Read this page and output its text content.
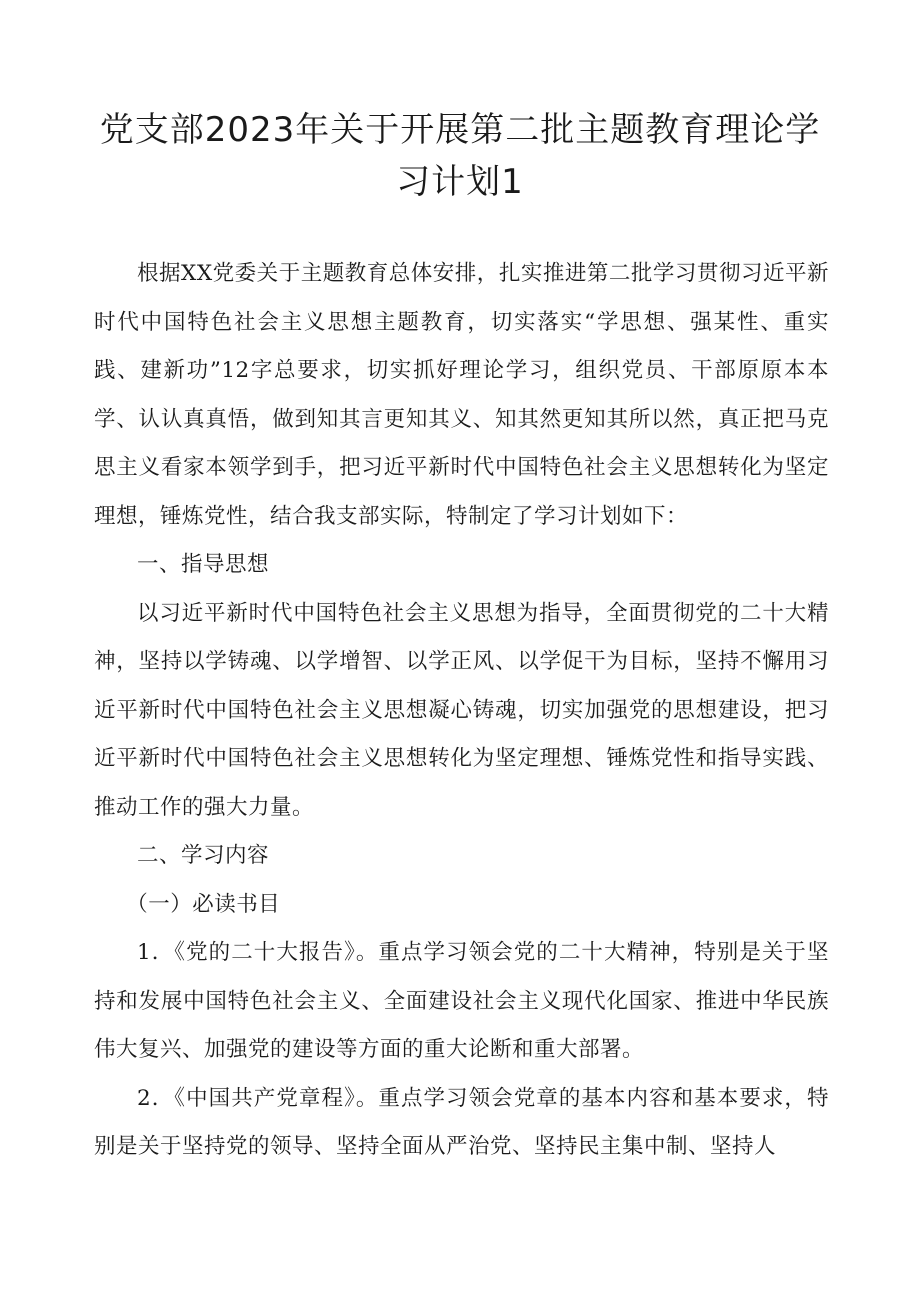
党支部2023年关于开展第二批主题教育理论学
习计划1

根据XX党委关于主题教育总体安排，扎实推进第二批学习贯彻习近平新时代中国特色社会主义思想主题教育，切实落实“学思想、强某性、重实践、建新功”12字总要求，切实抓好理论学习，组织党员、干部原原本本学、认认真真悟，做到知其言更知其义、知其然更知其所以然，真正把马克思主义看家本领学到手，把习近平新时代中国特色社会主义思想转化为坚定理想，锤炼党性，结合我支部实际，特制定了学习计划如下：

一、指导思想

以习近平新时代中国特色社会主义思想为指导，全面贯彻党的二十大精神，坚持以学铸魂、以学增智、以学正风、以学促干为目标，坚持不懈用习近平新时代中国特色社会主义思想凝心铸魂，切实加强党的思想建设，把习近平新时代中国特色社会主义思想转化为坚定理想、锤炼党性和指导实践、推动工作的强大力量。

二、学习内容

（一）必读书目

1．《党的二十大报告》。重点学习领会党的二十大精神，特别是关于坚持和发展中国特色社会主义、全面建设社会主义现代化国家、推进中华民族伟大复兴、加强党的建设等方面的重大论断和重大部署。

2．《中国共产党章程》。重点学习领会党章的基本内容和基本要求，特别是关于坚持党的领导、坚持全面从严治党、坚持民主集中制、坚持人
